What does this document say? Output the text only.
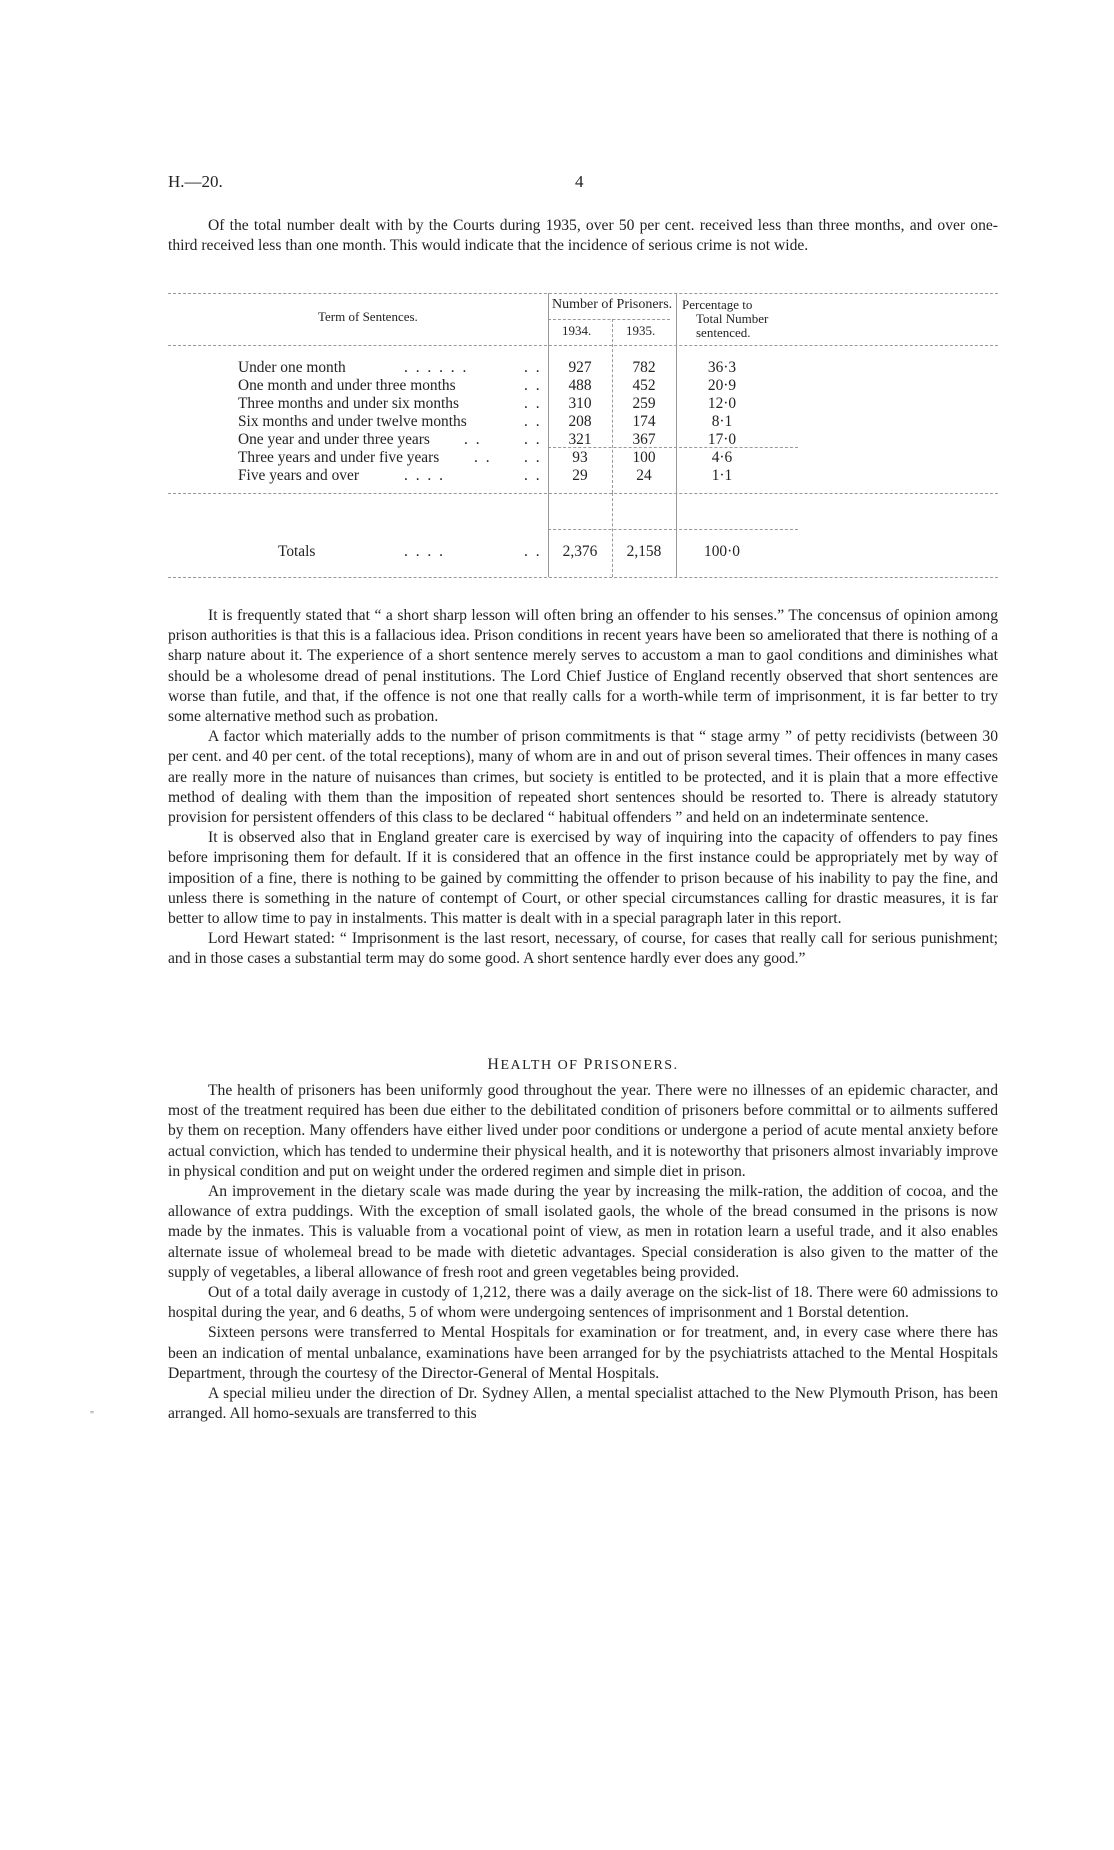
H.—20.	4

Of the total number dealt with by the Courts during 1935, over 50 per cent. received less than three months, and over one-third received less than one month. This would indicate that the incidence of serious crime is not wide.

Term of Sentences.
Number of Prisoners.
1934.	1935.
Percentage to
Total Number
sentenced.
Under one month	. . . . . .	. .	927	782	36·3
One month and under three months	. .	488	452	20·9
Three months and under six months	. .	310	259	12·0
Six months and under twelve months	. .	208	174	8·1
One year and under three years . .	. .	321	367	17·0
Three years and under five years . . . .	93	100	4·6
Five years and over	. . . .	. .	29	24	1·1
Totals	. . . .	. .	2,376	2,158	100·0

It is frequently stated that “ a short sharp lesson will often bring an offender to his senses.” The concensus of opinion among prison authorities is that this is a fallacious idea. Prison conditions in recent years have been so ameliorated that there is nothing of a sharp nature about it. The experience of a short sentence merely serves to accustom a man to gaol conditions and diminishes what should be a wholesome dread of penal institutions. The Lord Chief Justice of England recently observed that short sentences are worse than futile, and that, if the offence is not one that really calls for a worth-while term of imprisonment, it is far better to try some alternative method such as probation.

A factor which materially adds to the number of prison commitments is that “ stage army ” of petty recidivists (between 30 per cent. and 40 per cent. of the total receptions), many of whom are in and out of prison several times. Their offences in many cases are really more in the nature of nuisances than crimes, but society is entitled to be protected, and it is plain that a more effective method of dealing with them than the imposition of repeated short sentences should be resorted to. There is already statutory provision for persistent offenders of this class to be declared “ habitual offenders ” and held on an indeterminate sentence.

It is observed also that in England greater care is exercised by way of inquiring into the capacity of offenders to pay fines before imprisoning them for default. If it is considered that an offence in the first instance could be appropriately met by way of imposition of a fine, there is nothing to be gained by committing the offender to prison because of his inability to pay the fine, and unless there is something in the nature of contempt of Court, or other special circumstances calling for drastic measures, it is far better to allow time to pay in instalments. This matter is dealt with in a special paragraph later in this report.

Lord Hewart stated: “ Imprisonment is the last resort, necessary, of course, for cases that really call for serious punishment; and in those cases a substantial term may do some good. A short sentence hardly ever does any good.”

HEALTH OF PRISONERS.

The health of prisoners has been uniformly good throughout the year. There were no illnesses of an epidemic character, and most of the treatment required has been due either to the debilitated condition of prisoners before committal or to ailments suffered by them on reception. Many offenders have either lived under poor conditions or undergone a period of acute mental anxiety before actual conviction, which has tended to undermine their physical health, and it is noteworthy that prisoners almost invariably improve in physical condition and put on weight under the ordered regimen and simple diet in prison.

An improvement in the dietary scale was made during the year by increasing the milk-ration, the addition of cocoa, and the allowance of extra puddings. With the exception of small isolated gaols, the whole of the bread consumed in the prisons is now made by the inmates. This is valuable from a vocational point of view, as men in rotation learn a useful trade, and it also enables alternate issue of wholemeal bread to be made with dietetic advantages. Special consideration is also given to the matter of the supply of vegetables, a liberal allowance of fresh root and green vegetables being provided.

Out of a total daily average in custody of 1,212, there was a daily average on the sick-list of 18. There were 60 admissions to hospital during the year, and 6 deaths, 5 of whom were undergoing sentences of imprisonment and 1 Borstal detention.

Sixteen persons were transferred to Mental Hospitals for examination or for treatment, and, in every case where there has been an indication of mental unbalance, examinations have been arranged for by the psychiatrists attached to the Mental Hospitals Department, through the courtesy of the Director-General of Mental Hospitals.

A special milieu under the direction of Dr. Sydney Allen, a mental specialist attached to the New Plymouth Prison, has been arranged. All homo-sexuals are transferred to this

"
